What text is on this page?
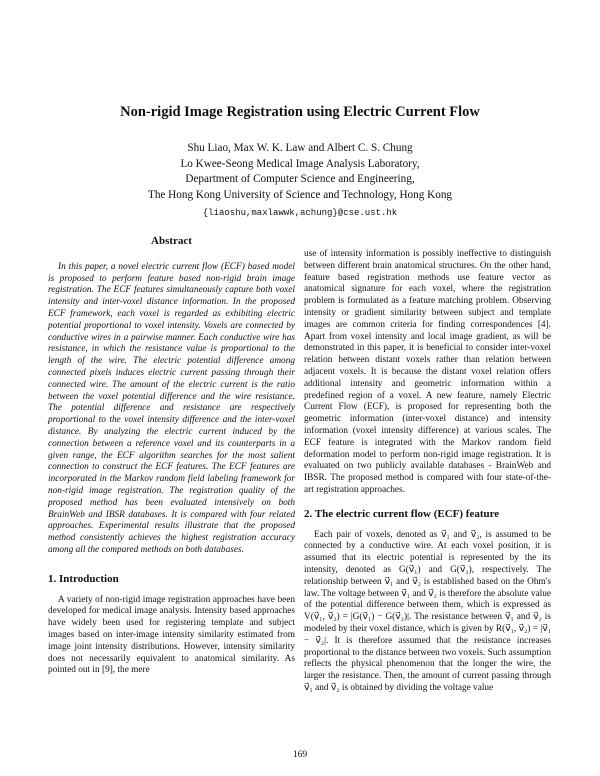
Non-rigid Image Registration using Electric Current Flow
Shu Liao, Max W. K. Law and Albert C. S. Chung
Lo Kwee-Seong Medical Image Analysis Laboratory,
Department of Computer Science and Engineering,
The Hong Kong University of Science and Technology, Hong Kong
{liaoshu,maxlawwk,achung}@cse.ust.hk
Abstract

In this paper, a novel electric current flow (ECF) based model is proposed to perform feature based non-rigid brain image registration. The ECF features simultaneously capture both voxel intensity and inter-voxel distance information. In the proposed ECF framework, each voxel is regarded as exhibiting electric potential proportional to voxel intensity. Voxels are connected by conductive wires in a pairwise manner. Each conductive wire has resistance, in which the resistance value is proportional to the length of the wire. The electric potential difference among connected pixels induces electric current passing through their connected wire. The amount of the electric current is the ratio between the voxel potential difference and the wire resistance. The potential difference and resistance are respectively proportional to the voxel intensity difference and the inter-voxel distance. By analyzing the electric current induced by the connection between a reference voxel and its counterparts in a given range, the ECF algorithm searches for the most salient connection to construct the ECF features. The ECF features are incorporated in the Markov random field labeling framework for non-rigid image registration. The registration quality of the proposed method has been evaluated intensively on both BrainWeb and IBSR databases. It is compared with four related approaches. Experimental results illustrate that the proposed method consistently achieves the highest registration accuracy among all the compared methods on both databases.

1. Introduction

A variety of non-rigid image registration approaches have been developed for medical image analysis. Intensity based approaches have widely been used for registering template and subject images based on inter-image intensity similarity estimated from image joint intensity distributions. However, intensity similarity does not necessarily equivalent to anatomical similarity. As pointed out in [9], the mere

use of intensity information is possibly ineffective to distinguish between different brain anatomical structures. On the other hand, feature based registration methods use feature vector as anatomical signature for each voxel, where the registration problem is formulated as a feature matching problem. Observing intensity or gradient similarity between subject and template images are common criteria for finding correspondences [4]. Apart from voxel intensity and local image gradient, as will be demonstrated in this paper, it is beneficial to consider inter-voxel relation between distant voxels rather than relation between adjacent voxels. It is because the distant voxel relation offers additional intensity and geometric information within a predefined region of a voxel. A new feature, namely Electric Current Flow (ECF), is proposed for representing both the geometric information (inter-voxel distance) and intensity information (voxel intensity difference) at various scales. The ECF feature is integrated with the Markov random field deformation model to perform non-rigid image registration. It is evaluated on two publicly available databases - BrainWeb and IBSR. The proposed method is compared with four state-of-the-art registration approaches.

2. The electric current flow (ECF) feature

Each pair of voxels, denoted as v⃗₁ and v⃗₂, is assumed to be connected by a conductive wire. At each voxel position, it is assumed that its electric potential is represented by the its intensity, denoted as G(v⃗₁) and G(v⃗₂), respectively. The relationship between v⃗₁ and v⃗₂ is established based on the Ohm's law. The voltage between v⃗₁ and v⃗₂ is therefore the absolute value of the potential difference between them, which is expressed as V(v⃗₁, v⃗₂) = |G(v⃗₁) − G(v⃗₂)|. The resistance between v⃗₁ and v⃗₂ is modeled by their voxel distance, which is given by R(v⃗₁, v⃗₂) = |v⃗₁ − v⃗₂|. It is therefore assumed that the resistance increases proportional to the distance between two voxels. Such assumption reflects the physical phenomenon that the longer the wire, the larger the resistance. Then, the amount of current passing through v⃗₁ and v⃗₂ is obtained by dividing the voltage value

169
